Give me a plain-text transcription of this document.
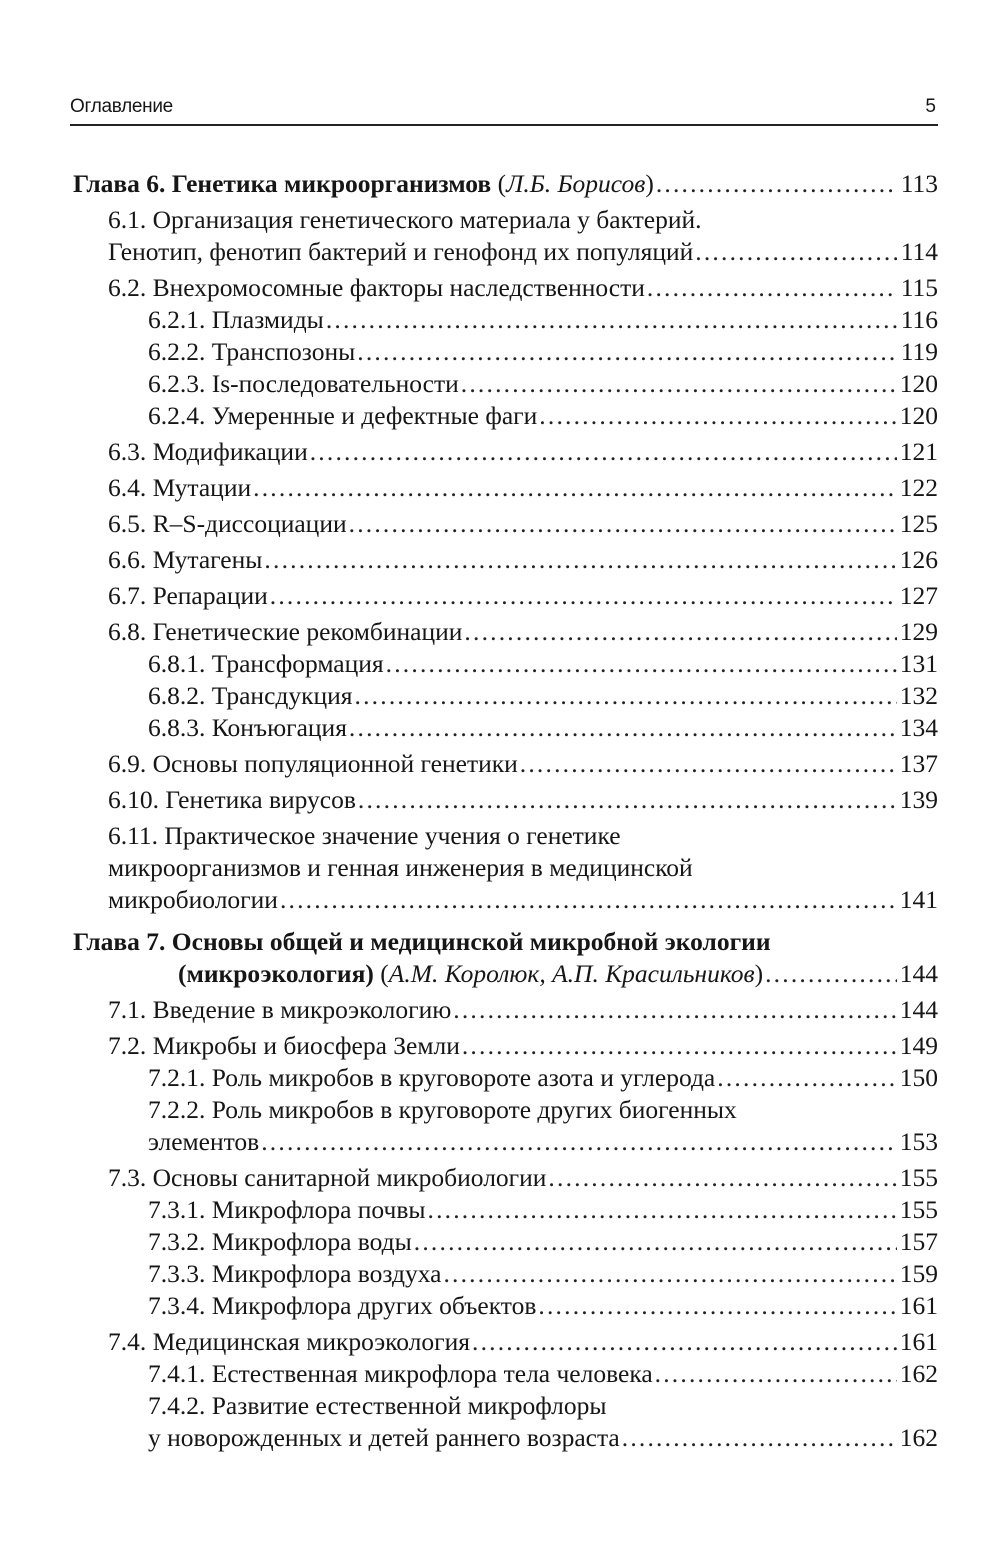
Оглавление	5
Глава 6. Генетика микроорганизмов (Л.Б. Борисов) .....	113
6.1. Организация генетического материала у бактерий.
Генотип, фенотип бактерий и генофонд их популяций .....	114
6.2. Внехромосомные факторы наследственности .....	115
6.2.1. Плазмиды .....	116
6.2.2. Транспозоны .....	119
6.2.3. Is-последовательности .....	120
6.2.4. Умеренные и дефектные фаги .....	120
6.3. Модификации .....	121
6.4. Мутации .....	122
6.5. R–S-диссоциации .....	125
6.6. Мутагены .....	126
6.7. Репарации .....	127
6.8. Генетические рекомбинации .....	129
6.8.1. Трансформация .....	131
6.8.2. Трансдукция .....	132
6.8.3. Конъюгация .....	134
6.9. Основы популяционной генетики .....	137
6.10. Генетика вирусов .....	139
6.11. Практическое значение учения о генетике
микроорганизмов и генная инженерия в медицинской
микробиологии .....	141
Глава 7. Основы общей и медицинской микробной экологии
(микроэкология) (А.М. Королюк, А.П. Красильников) .....	144
7.1. Введение в микроэкологию .....	144
7.2. Микробы и биосфера Земли .....	149
7.2.1. Роль микробов в круговороте азота и углерода .....	150
7.2.2. Роль микробов в круговороте других биогенных
элементов .....	153
7.3. Основы санитарной микробиологии .....	155
7.3.1. Микрофлора почвы .....	155
7.3.2. Микрофлора воды .....	157
7.3.3. Микрофлора воздуха .....	159
7.3.4. Микрофлора других объектов .....	161
7.4. Медицинская микроэкология .....	161
7.4.1. Естественная микрофлора тела человека .....	162
7.4.2. Развитие естественной микрофлоры
у новорожденных и детей раннего возраста .....	162
